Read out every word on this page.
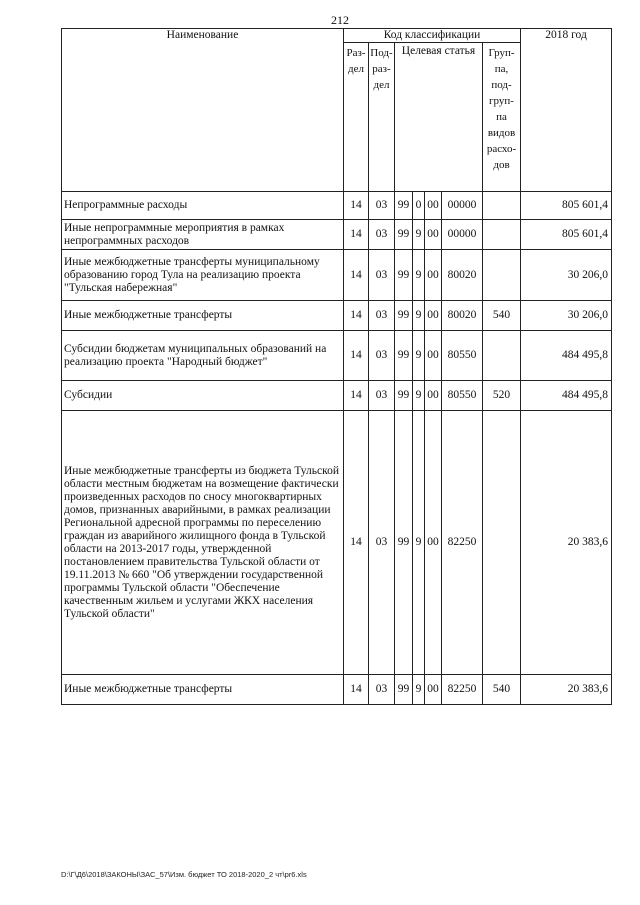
212
Наименование	Код классификации							2018 год
	Раз-дел	Под-раз-дел	Целевая статья				Груп-па, под-груп-па видов расхо-дов	
Непрограммные расходы	14	03	99	0	00	00000		805 601,4
Иные непрограммные мероприятия в рамках непрограммных расходов	14	03	99	9	00	00000		805 601,4
Иные межбюджетные трансферты муниципальному образованию город Тула на реализацию проекта "Тульская набережная"	14	03	99	9	00	80020		30 206,0
Иные межбюджетные трансферты	14	03	99	9	00	80020	540	30 206,0
Субсидии бюджетам муниципальных образований на реализацию проекта "Народный бюджет"	14	03	99	9	00	80550		484 495,8
Субсидии	14	03	99	9	00	80550	520	484 495,8
Иные межбюджетные трансферты из бюджета Тульской области местным бюджетам на возмещение фактически произведенных расходов по сносу многоквартирных домов, признанных аварийными, в рамках реализации Региональной адресной программы по переселению граждан из аварийного жилищного фонда в Тульской области на 2013-2017 годы, утвержденной постановлением правительства Тульской области от 19.11.2013 № 660 "Об утверждении государственной программы Тульской области "Обеспечение качественным жильем и услугами ЖКХ населения Тульской области"	14	03	99	9	00	82250		20 383,6
Иные межбюджетные трансферты	14	03	99	9	00	82250	540	20 383,6
D:\Г\Д6\2018\ЗАКОНЫ\ЗАС_57\Изм. бюджет ТО 2018-2020_2 чт\pr6.xls
